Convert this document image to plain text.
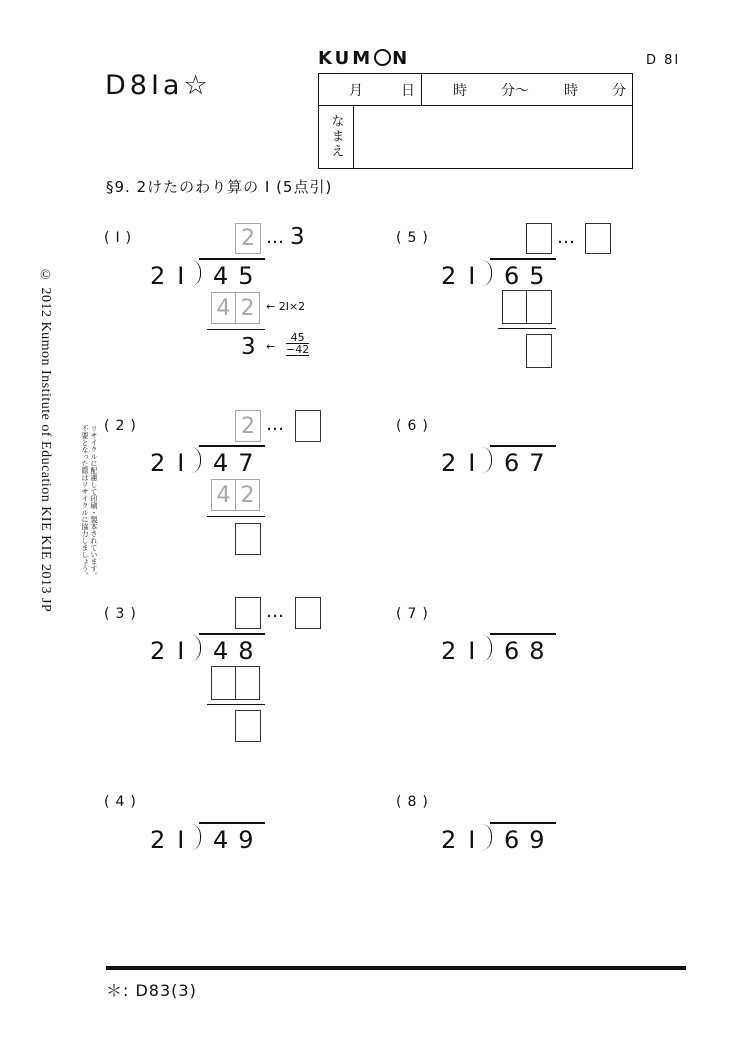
D8Ia☆
KUM N	D 8I
月	日	時 分〜	時 分
なまえ
§9. 2けたのわり算の I (5点引)
© 2012 Kumon Institute of Education KIE KIE 2013 JP	リサイクルに配慮して印刷・製本されています。
不要となった際はリサイクルに協力しましょう。
(I)	2 … 3
2I 45
4 2	← 2I×2
3 ← $\frac{45}{-42}$
(2)	2 …
2I 47
4 2
(3)	…
2I 48
(4)
2I 49
(5)	…
2I 65
(6)
2I 67
(7)
2I 68
(8)
2I 69
＊: D83(3)
